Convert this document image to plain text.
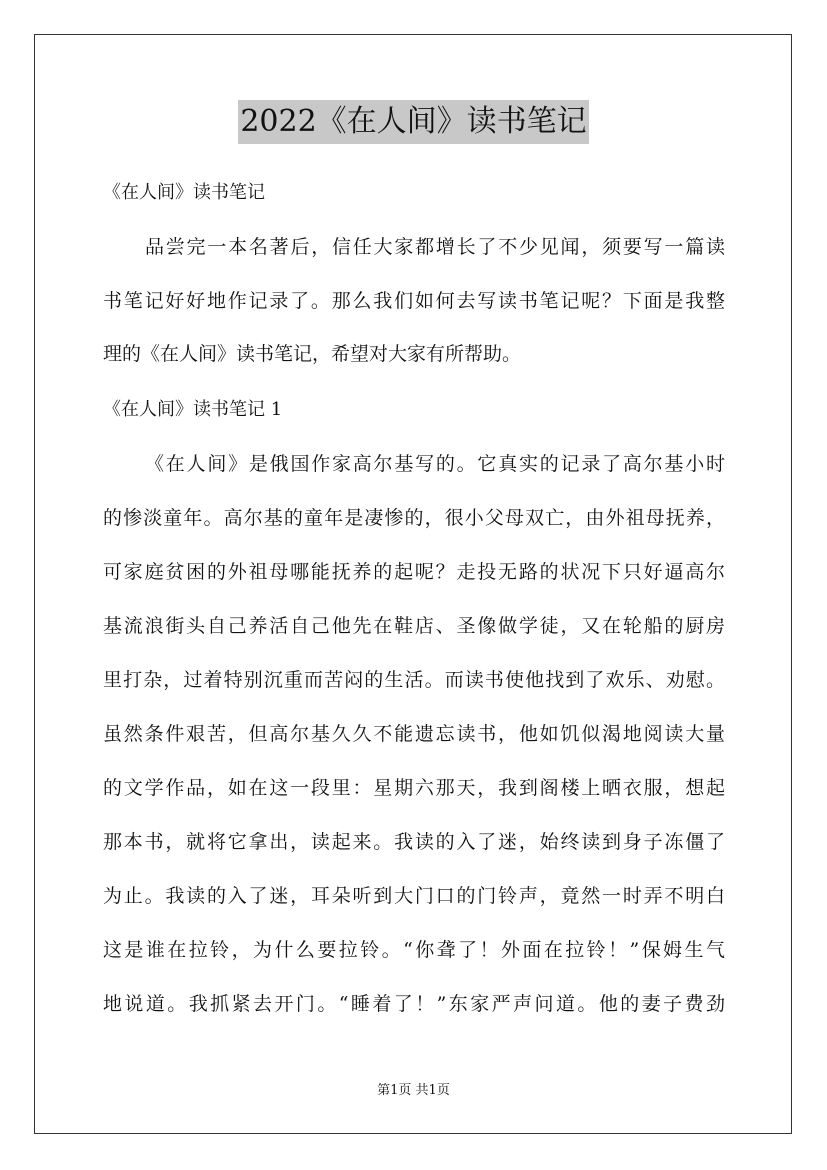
2022《在人间》读书笔记
《在人间》读书笔记
品尝完一本名著后，信任大家都增长了不少见闻，须要写一篇读
书笔记好好地作记录了。那么我们如何去写读书笔记呢？下面是我整
理的《在人间》读书笔记，希望对大家有所帮助。
《在人间》读书笔记 1
《在人间》是俄国作家高尔基写的。它真实的记录了高尔基小时
的惨淡童年。高尔基的童年是凄惨的，很小父母双亡，由外祖母抚养，
可家庭贫困的外祖母哪能抚养的起呢？走投无路的状况下只好逼高尔
基流浪街头自己养活自己他先在鞋店、圣像做学徒，又在轮船的厨房
里打杂，过着特别沉重而苦闷的生活。而读书使他找到了欢乐、劝慰。
虽然条件艰苦，但高尔基久久不能遗忘读书，他如饥似渴地阅读大量
的文学作品，如在这一段里：星期六那天，我到阁楼上晒衣服，想起
那本书，就将它拿出，读起来。我读的入了迷，始终读到身子冻僵了
为止。我读的入了迷，耳朵听到大门口的门铃声，竟然一时弄不明白
这是谁在拉铃，为什么要拉铃。“你聋了！外面在拉铃！”保姆生气
地说道。我抓紧去开门。“睡着了！”东家严声问道。他的妻子费劲
第1页 共1页
